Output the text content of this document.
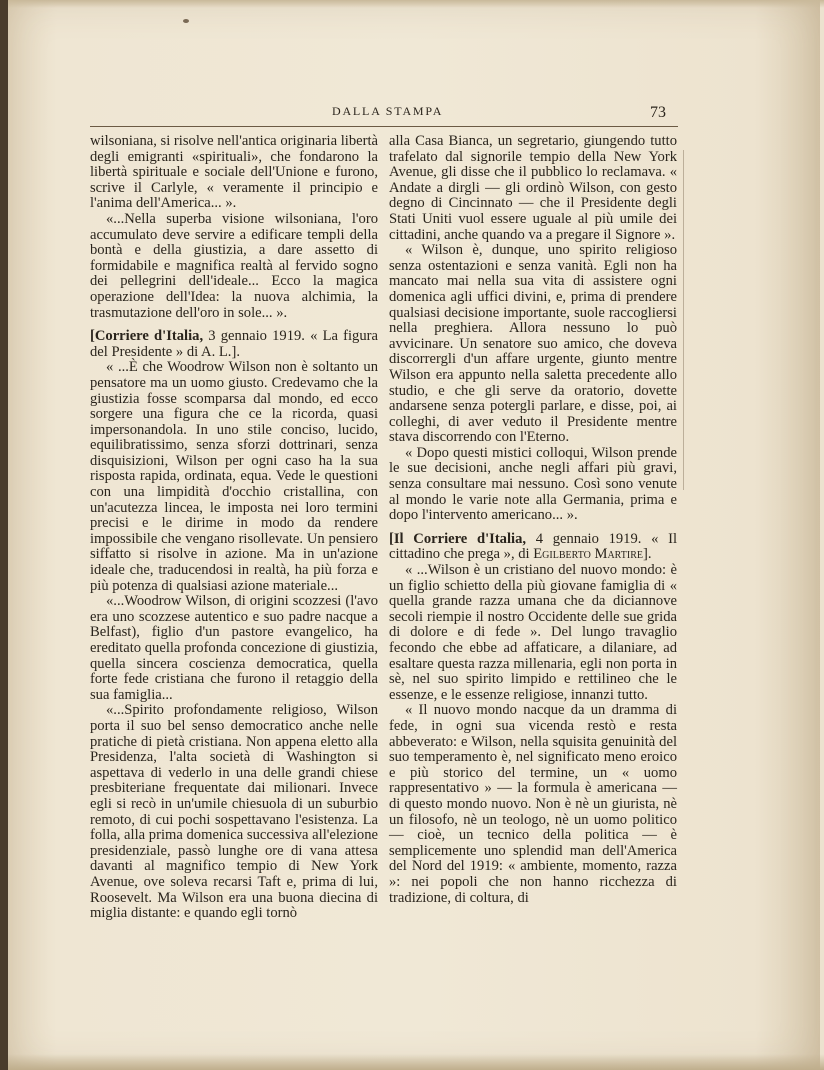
DALLA STAMPA	73

wilsoniana, si risolve nell'antica originaria libertà degli emigranti «spirituali», che fondarono la libertà spirituale e sociale dell'Unione e furono, scrive il Carlyle, « veramente il principio e l'anima dell'America... ».

«...Nella superba visione wilsoniana, l'oro accumulato deve servire a edificare templi della bontà e della giustizia, a dare assetto di formidabile e magnifica realtà al fervido sogno dei pellegrini dell'ideale... Ecco la magica operazione dell'Idea: la nuova alchimia, la trasmutazione dell'oro in sole... ».

[Corriere d'Italia, 3 gennaio 1919. « La figura del Presidente » di A. L.].

« ...È che Woodrow Wilson non è soltanto un pensatore ma un uomo giusto. Credevamo che la giustizia fosse scomparsa dal mondo, ed ecco sorgere una figura che ce la ricorda, quasi impersonandola. In uno stile conciso, lucido, equilibratissimo, senza sforzi dottrinari, senza disquisizioni, Wilson per ogni caso ha la sua risposta rapida, ordinata, equa. Vede le questioni con una limpidità d'occhio cristallina, con un'acutezza lincea, le imposta nei loro termini precisi e le dirime in modo da rendere impossibile che vengano risollevate. Un pensiero siffatto si risolve in azione. Ma in un'azione ideale che, traducendosi in realtà, ha più forza e più potenza di qualsiasi azione materiale...

«...Woodrow Wilson, di origini scozzesi (l'avo era uno scozzese autentico e suo padre nacque a Belfast), figlio d'un pastore evangelico, ha ereditato quella profonda concezione di giustizia, quella sincera coscienza democratica, quella forte fede cristiana che furono il retaggio della sua famiglia...

«...Spirito profondamente religioso, Wilson porta il suo bel senso democratico anche nelle pratiche di pietà cristiana. Non appena eletto alla Presidenza, l'alta società di Washington si aspettava di vederlo in una delle grandi chiese presbiteriane frequentate dai milionari. Invece egli si recò in un'umile chiesuola di un suburbio remoto, di cui pochi sospettavano l'esistenza. La folla, alla prima domenica successiva all'elezione presidenziale, passò lunghe ore di vana attesa davanti al magnifico tempio di New York Avenue, ove soleva recarsi Taft e, prima di lui, Roosevelt. Ma Wilson era una buona diecina di miglia distante: e quando egli tornò

alla Casa Bianca, un segretario, giungendo tutto trafelato dal signorile tempio della New York Avenue, gli disse che il pubblico lo reclamava. « Andate a dirgli — gli ordinò Wilson, con gesto degno di Cincinnato — che il Presidente degli Stati Uniti vuol essere uguale al più umile dei cittadini, anche quando va a pregare il Signore ».

« Wilson è, dunque, uno spirito religioso senza ostentazioni e senza vanità. Egli non ha mancato mai nella sua vita di assistere ogni domenica agli uffici divini, e, prima di prendere qualsiasi decisione importante, suole raccogliersi nella preghiera. Allora nessuno lo può avvicinare. Un senatore suo amico, che doveva discorrergli d'un affare urgente, giunto mentre Wilson era appunto nella saletta precedente allo studio, e che gli serve da oratorio, dovette andarsene senza potergli parlare, e disse, poi, ai colleghi, di aver veduto il Presidente mentre stava discorrendo con l'Eterno.

« Dopo questi mistici colloqui, Wilson prende le sue decisioni, anche negli affari più gravi, senza consultare mai nessuno. Così sono venute al mondo le varie note alla Germania, prima e dopo l'intervento americano... ».

[Il Corriere d'Italia, 4 gennaio 1919. « Il cittadino che prega », di Egilberto Martire].

« ...Wilson è un cristiano del nuovo mondo: è un figlio schietto della più giovane famiglia di « quella grande razza umana che da diciannove secoli riempie il nostro Occidente delle sue grida di dolore e di fede ». Del lungo travaglio fecondo che ebbe ad affaticare, a dilaniare, ad esaltare questa razza millenaria, egli non porta in sè, nel suo spirito limpido e rettilineo che le essenze, e le essenze religiose, innanzi tutto.

« Il nuovo mondo nacque da un dramma di fede, in ogni sua vicenda restò e resta abbeverato: e Wilson, nella squisita genuinità del suo temperamento è, nel significato meno eroico e più storico del termine, un « uomo rappresentativo » — la formula è americana — di questo mondo nuovo. Non è nè un giurista, nè un filosofo, nè un teologo, nè un uomo politico — cioè, un tecnico della politica — è semplicemente uno splendid man dell'America del Nord del 1919: « ambiente, momento, razza »: nei popoli che non hanno ricchezza di tradizione, di coltura, di
